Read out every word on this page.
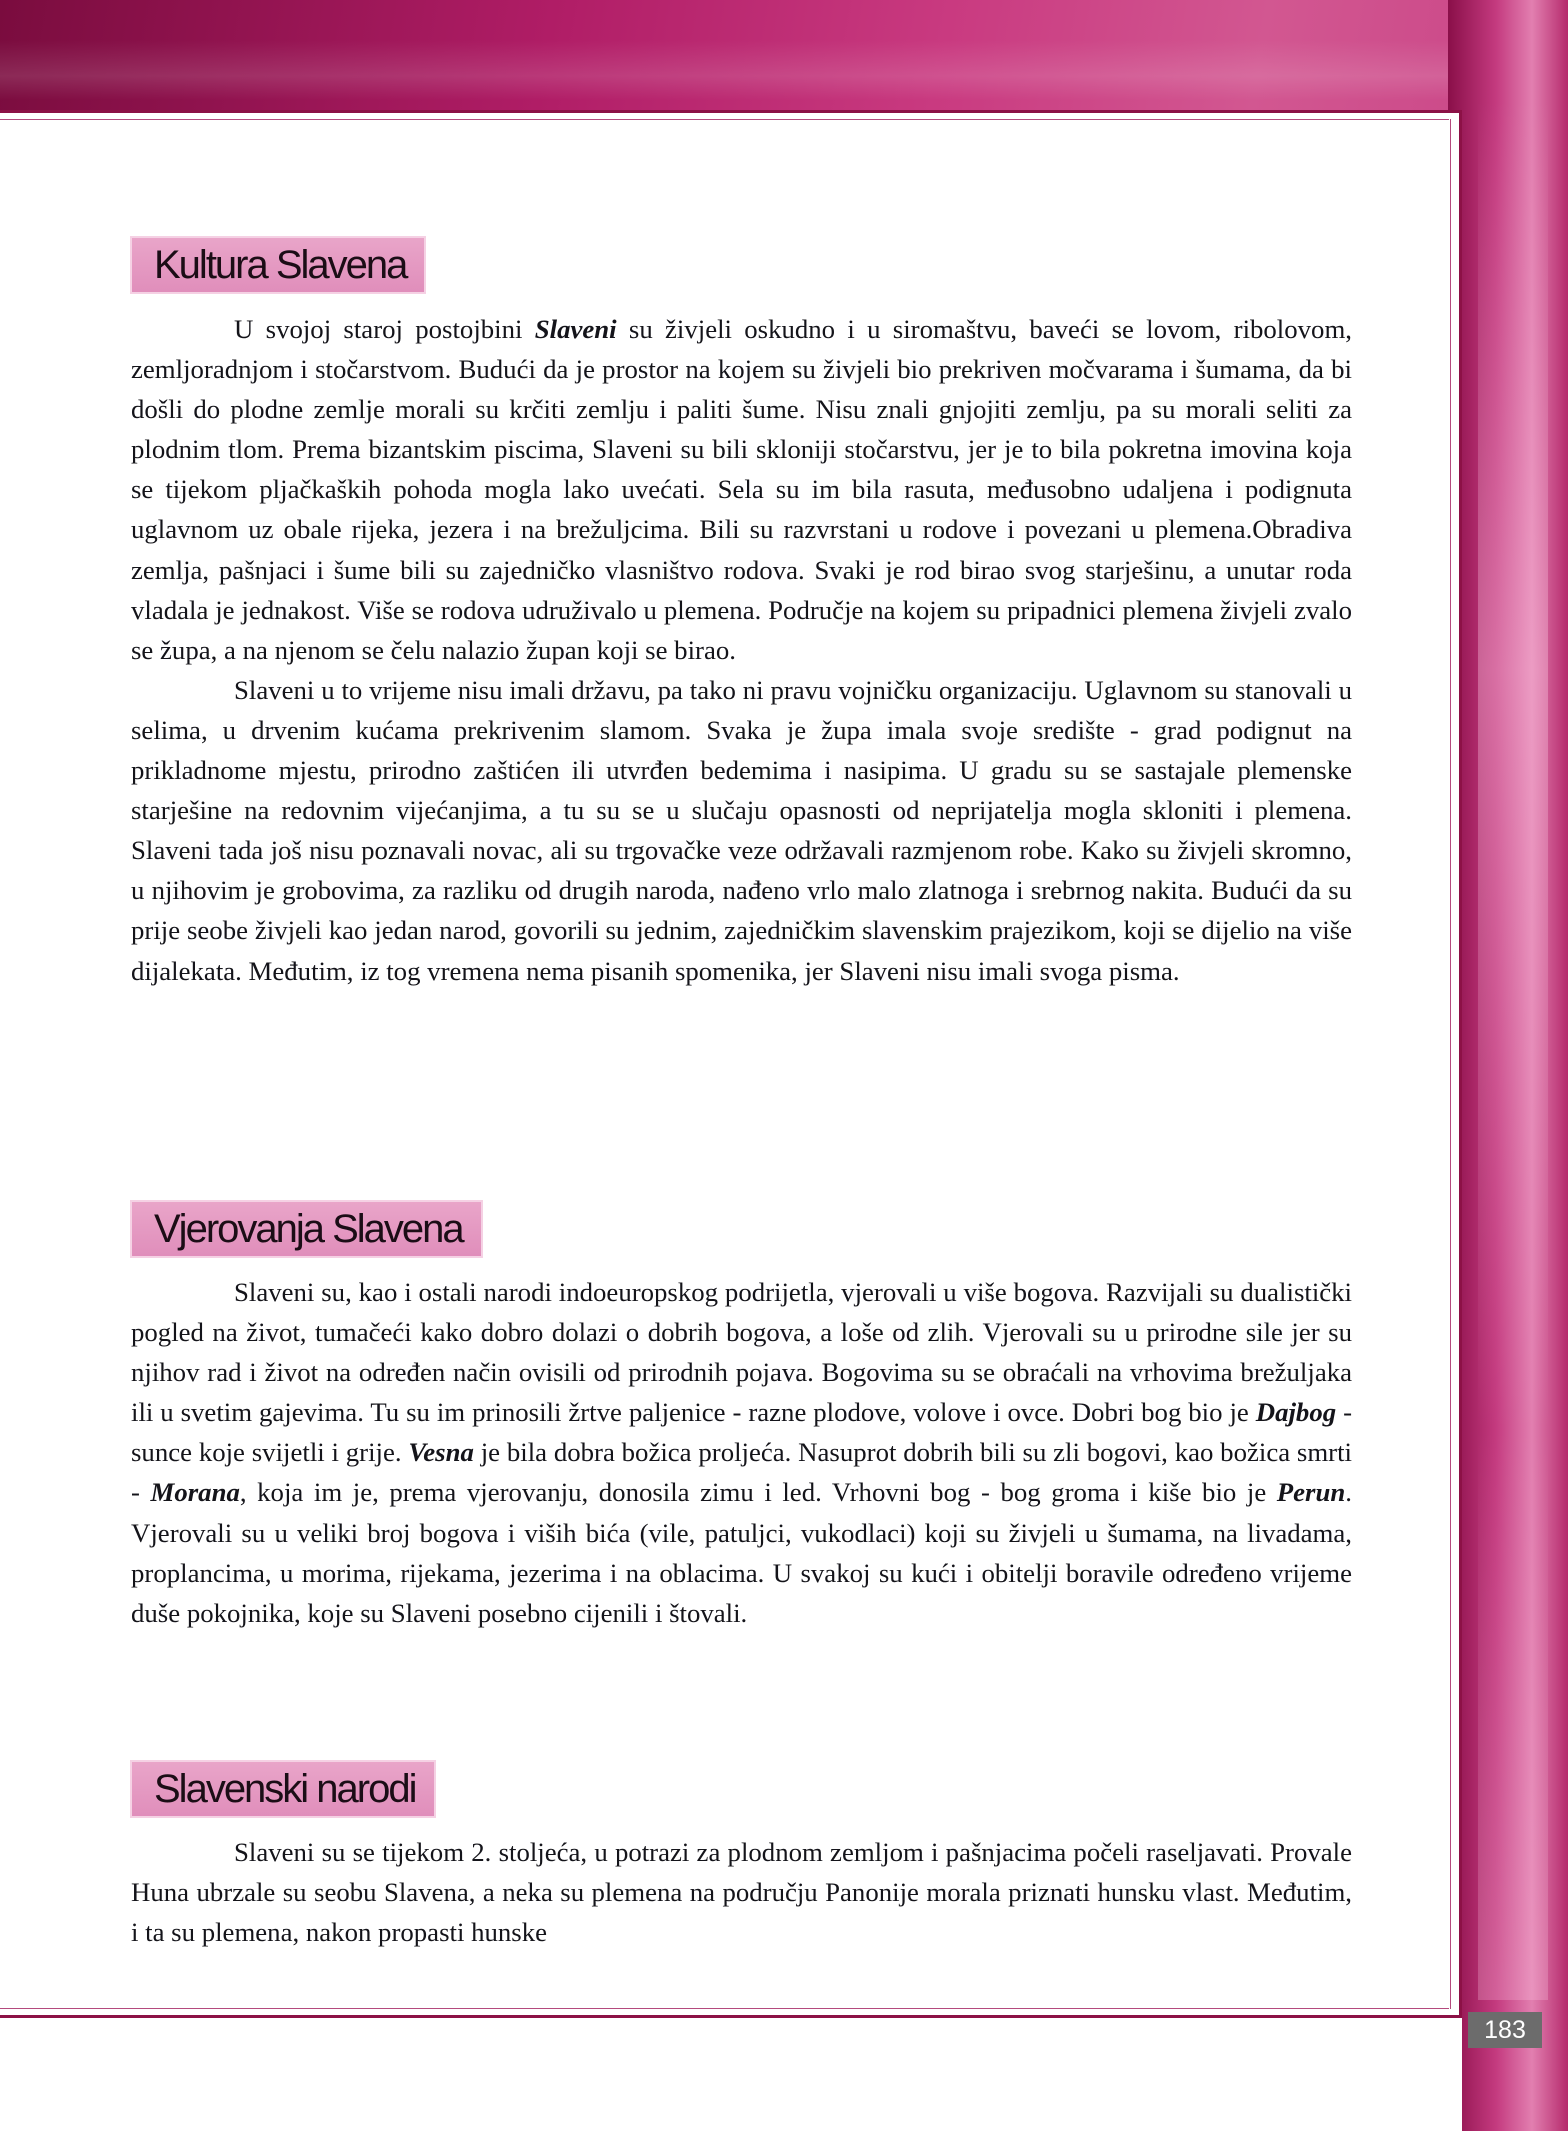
183
Kultura Slavena

U svojoj staroj postojbini Slaveni su živjeli oskudno i u siromaštvu, baveći se lovom, ribolovom, zemljoradnjom i stočarstvom. Budući da je prostor na kojem su živjeli bio prekriven močvarama i šumama, da bi došli do plodne zemlje morali su krčiti zemlju i paliti šume. Nisu znali gnjojiti zemlju, pa su morali seliti za plodnim tlom. Prema bizantskim piscima, Slaveni su bili skloniji stočarstvu, jer je to bila pokretna imovina koja se tijekom pljačkaških pohoda mogla lako uvećati. Sela su im bila rasuta, međusobno udaljena i podignuta uglavnom uz obale rijeka, jezera i na brežuljcima. Bili su razvrstani u rodove i povezani u plemena.Obradiva zemlja, pašnjaci i šume bili su zajedničko vlasništvo rodova. Svaki je rod birao svog starješinu, a unutar roda vladala je jednakost. Više se rodova udruživalo u plemena. Područje na kojem su pripadnici plemena živjeli zvalo se župa, a na njenom se čelu nalazio župan koji se birao.

Slaveni u to vrijeme nisu imali državu, pa tako ni pravu vojničku organizaciju. Uglavnom su stanovali u selima, u drvenim kućama prekrivenim slamom. Svaka je župa imala svoje središte - grad podignut na prikladnome mjestu, prirodno zaštićen ili utvrđen bedemima i nasipima. U gradu su se sastajale plemenske starješine na redovnim vijećanjima, a tu su se u slučaju opasnosti od neprijatelja mogla skloniti i plemena. Slaveni tada još nisu poznavali novac, ali su trgovačke veze održavali razmjenom robe. Kako su živjeli skromno, u njihovim je grobovima, za razliku od drugih naroda, nađeno vrlo malo zlatnoga i srebrnog nakita. Budući da su prije seobe živjeli kao jedan narod, govorili su jednim, zajedničkim slavenskim prajezikom, koji se dijelio na više dijalekata. Međutim, iz tog vremena nema pisanih spomenika, jer Slaveni nisu imali svoga pisma.

Vjerovanja Slavena

Slaveni su, kao i ostali narodi indoeuropskog podrijetla, vjerovali u više bogova. Razvijali su dualistički pogled na život, tumačeći kako dobro dolazi o dobrih bogova, a loše od zlih. Vjerovali su u prirodne sile jer su njihov rad i život na određen način ovisili od prirodnih pojava. Bogovima su se obraćali na vrhovima brežuljaka ili u svetim gajevima. Tu su im prinosili žrtve paljenice - razne plodove, volove i ovce. Dobri bog bio je Dajbog - sunce koje svijetli i grije. Vesna je bila dobra božica proljeća. Nasuprot dobrih bili su zli bogovi, kao božica smrti - Morana, koja im je, prema vjerovanju, donosila zimu i led. Vrhovni bog - bog groma i kiše bio je Perun. Vjerovali su u veliki broj bogova i viših bića (vile, patuljci, vukodlaci) koji su živjeli u šumama, na livadama, proplancima, u morima, rijekama, jezerima i na oblacima. U svakoj su kući i obitelji boravile određeno vrijeme duše pokojnika, koje su Slaveni posebno cijenili i štovali.

Slavenski narodi

Slaveni su se tijekom 2. stoljeća, u potrazi za plodnom zemljom i pašnjacima počeli raseljavati. Provale Huna ubrzale su seobu Slavena, a neka su plemena na području Panonije morala priznati hunsku vlast. Međutim, i ta su plemena, nakon propasti hunske
